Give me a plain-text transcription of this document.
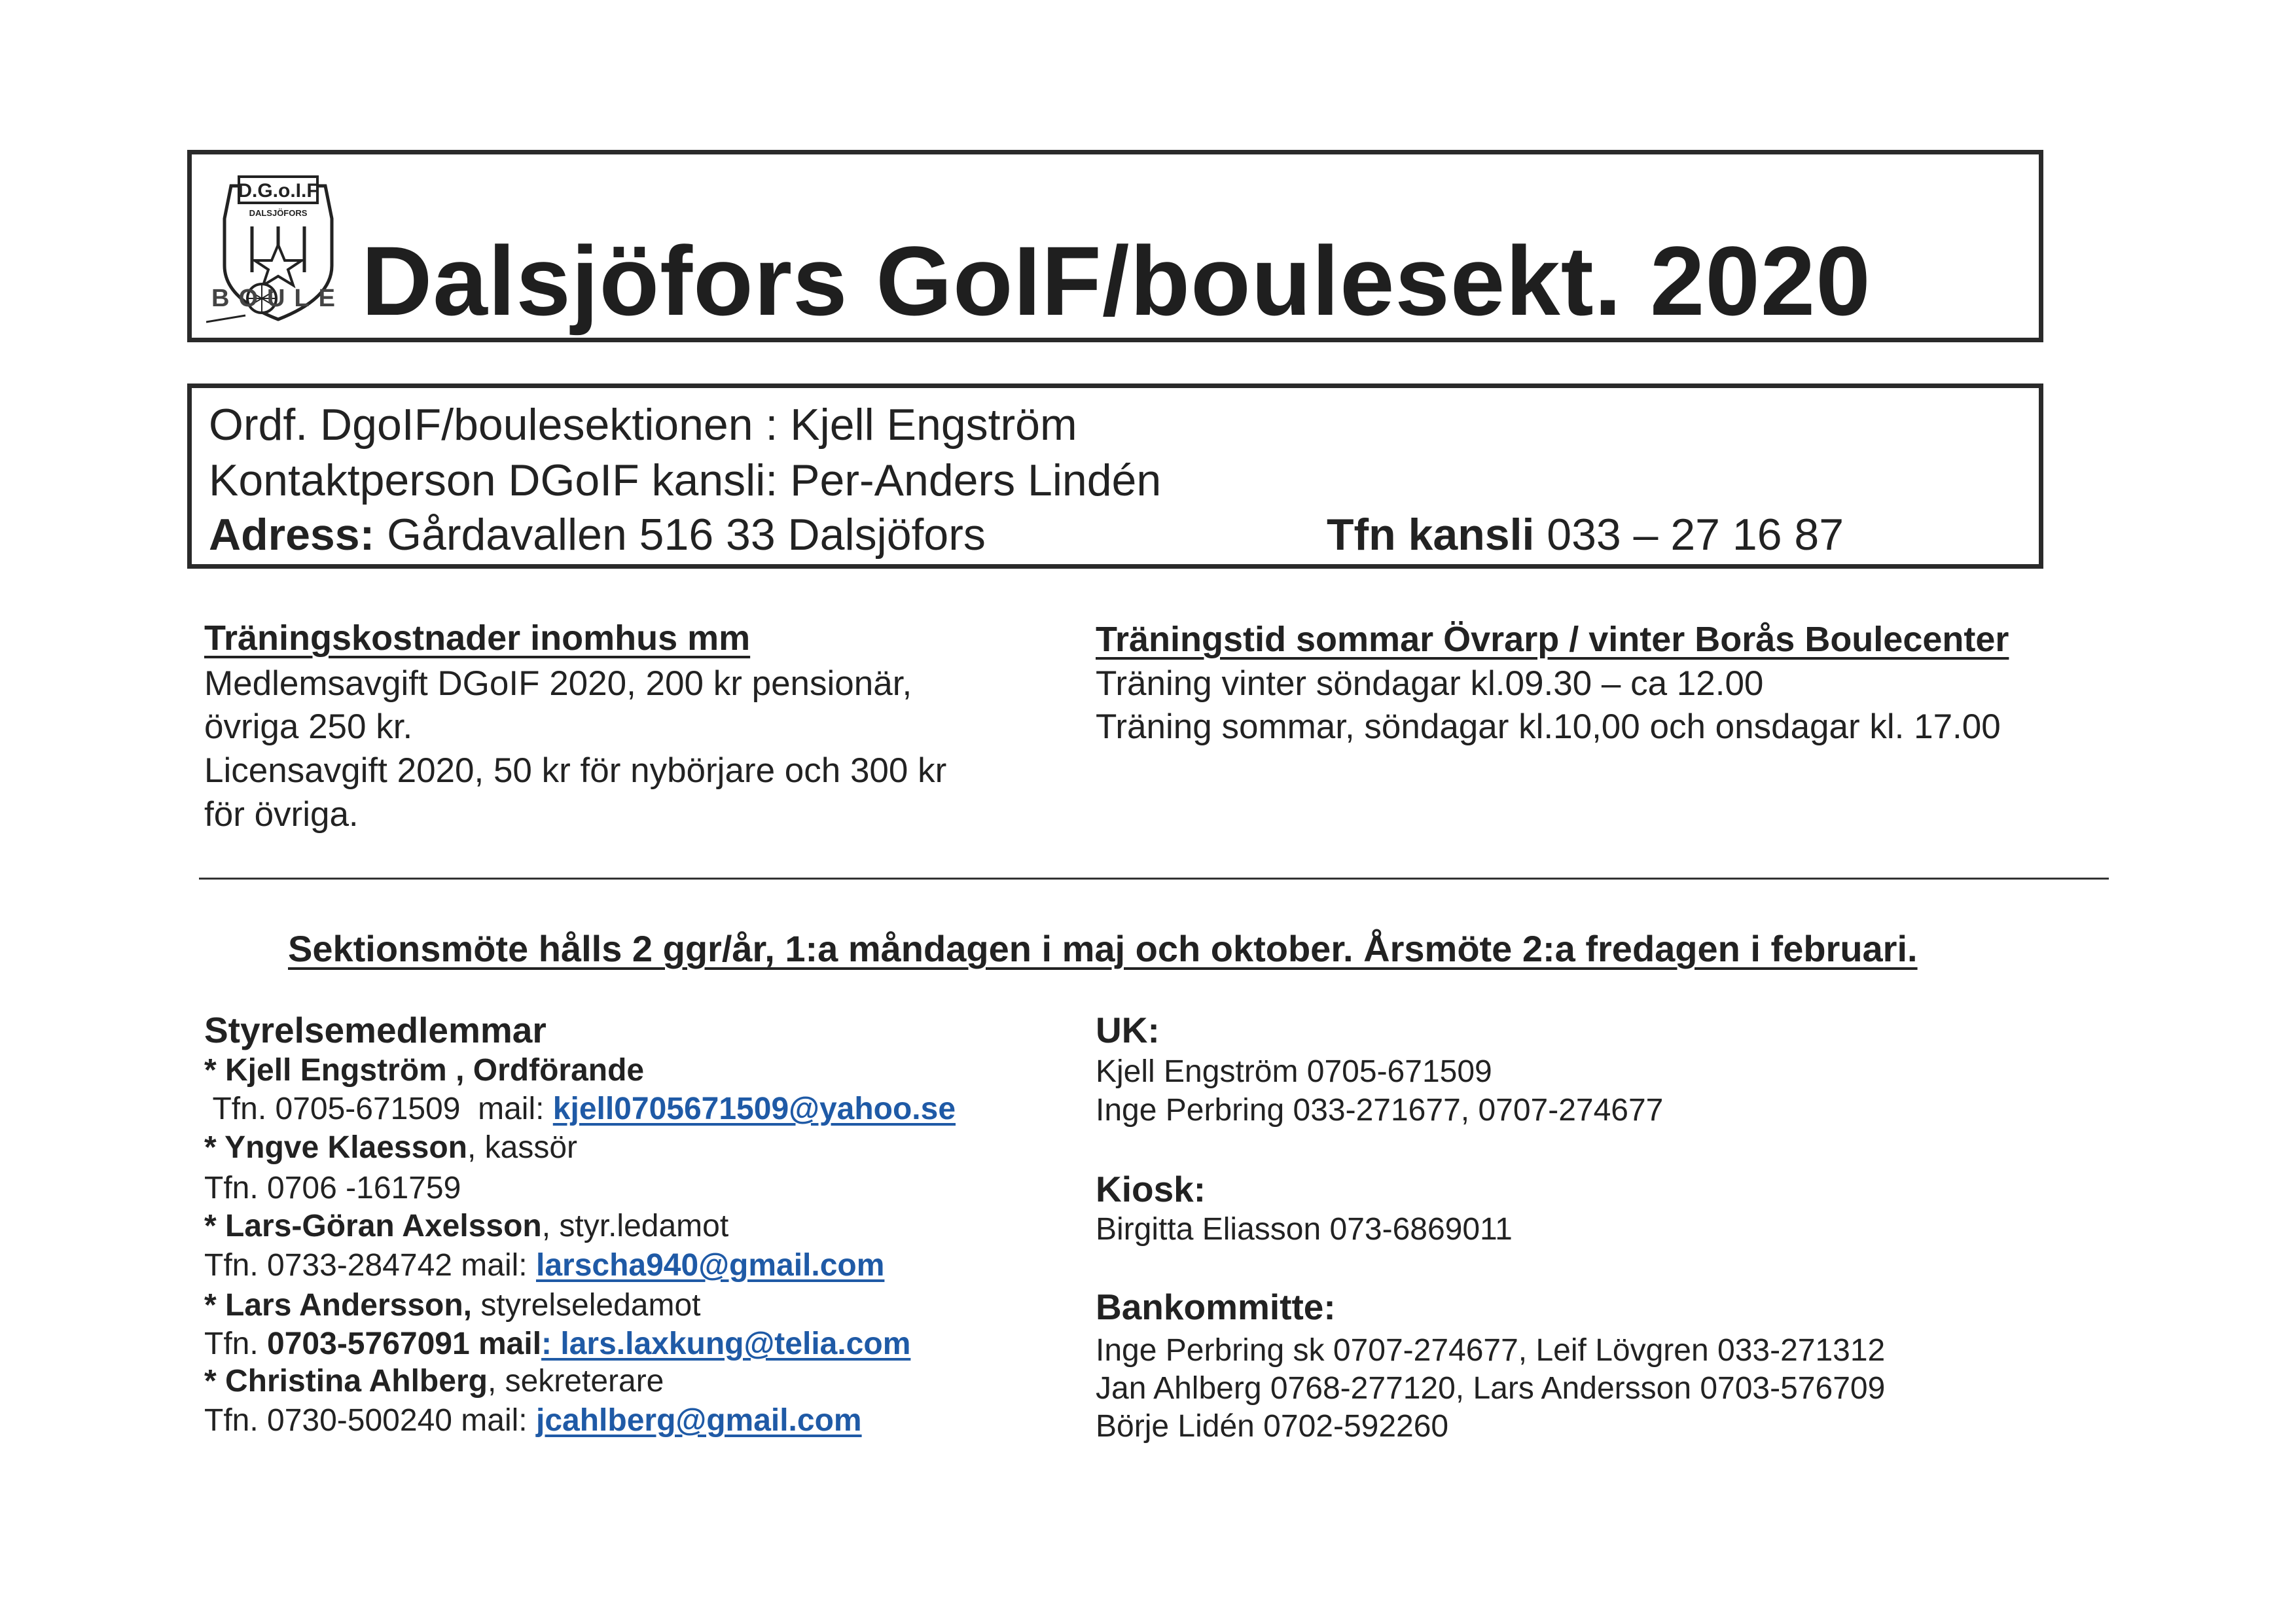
D.G.o.I.F
DALSJÖFORS
BOULE Dalsjöfors GoIF/boulesekt. 2020
Ordf. DgoIF/boulesektionen : Kjell Engström
Kontaktperson DGoIF kansli: Per-Anders Lindén
Adress: Gårdavallen 516 33 Dalsjöfors	Tfn kansli 033 – 27 16 87
Träningskostnader inomhus mm
Medlemsavgift DGoIF 2020, 200 kr pensionär,
övriga 250 kr.
Licensavgift 2020, 50 kr för nybörjare och 300 kr
för övriga.
Träningstid sommar Övrarp / vinter Borås Boulecenter
Träning vinter söndagar kl.09.30 – ca 12.00
Träning sommar, söndagar kl.10,00 och onsdagar kl. 17.00
Sektionsmöte hålls 2 ggr/år, 1:a måndagen i maj och oktober. Årsmöte 2:a fredagen i februari.
Styrelsemedlemmar
* Kjell Engström , Ordförande
Tfn. 0705-671509  mail: kjell0705671509@yahoo.se
* Yngve Klaesson, kassör
Tfn. 0706 -161759
* Lars-Göran Axelsson, styr.ledamot
Tfn. 0733-284742 mail: larscha940@gmail.com
* Lars Andersson, styrelseledamot
Tfn. 0703-5767091 mail: lars.laxkung@telia.com
* Christina Ahlberg, sekreterare
Tfn. 0730-500240 mail: jcahlberg@gmail.com
UK:
Kjell Engström 0705-671509
Inge Perbring 033-271677, 0707-274677
Kiosk:
Birgitta Eliasson 073-6869011
Bankommitte:
Inge Perbring sk 0707-274677, Leif Lövgren 033-271312
Jan Ahlberg 0768-277120, Lars Andersson 0703-576709
Börje Lidén 0702-592260
